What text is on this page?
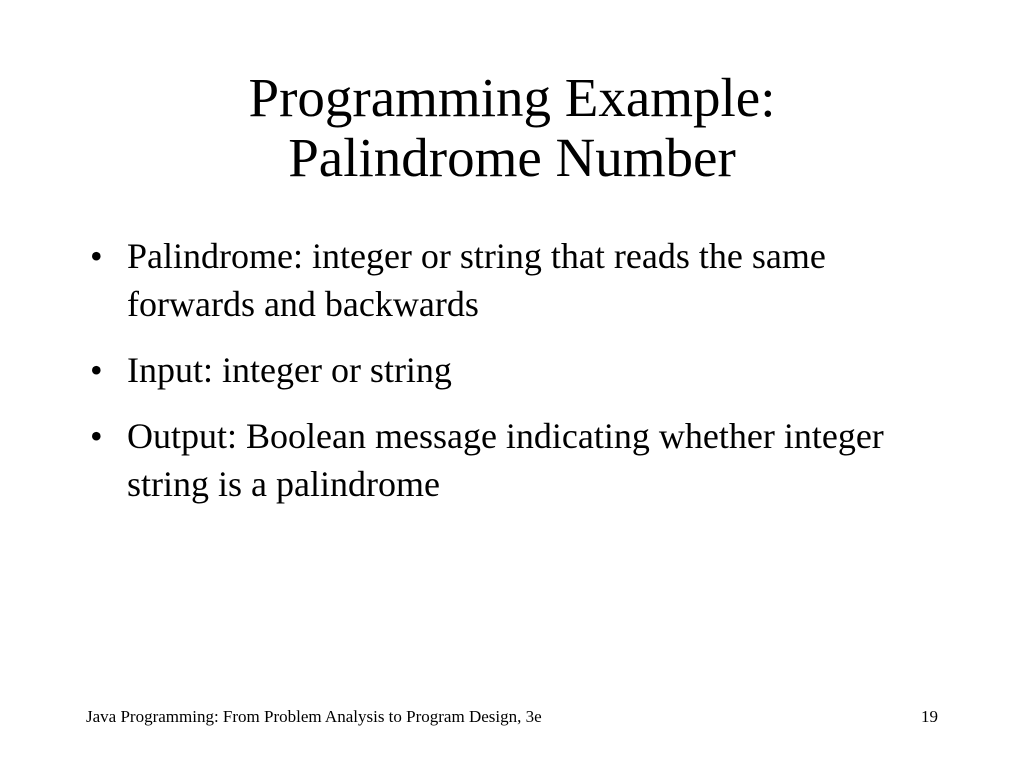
Programming Example:
Palindrome Number
• Palindrome: integer or string that reads the same forwards and backwards
• Input: integer or string
• Output: Boolean message indicating whether integer string is a palindrome
Java Programming: From Problem Analysis to Program Design, 3e	19
